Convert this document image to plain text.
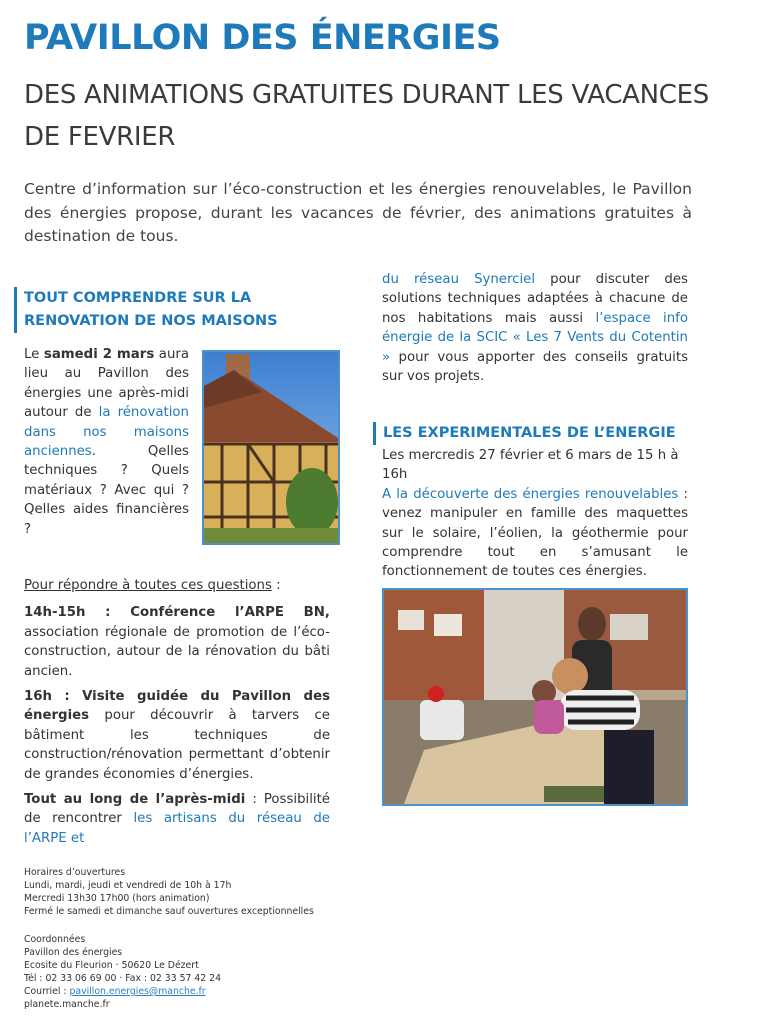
PAVILLON DES ÉNERGIES
DES ANIMATIONS GRATUITES DURANT LES VACANCES DE FEVRIER

Centre d’information sur l’éco-construction et les énergies renouvelables, le Pavillon des énergies propose, durant les vacances de février, des animations gratuites à destination de tous.

TOUT COMPRENDRE SUR LA RENOVATION DE NOS MAISONS

Le samedi 2 mars aura lieu au Pavillon des énergies une après-midi autour de la rénovation dans nos maisons anciennes. Qelles techniques ? Quels matériaux ? Avec qui ? Qelles aides financières ?

Pour répondre à toutes ces questions :

14h-15h : Conférence l’ARPE BN, association régionale de promotion de l’éco-construction, autour de la rénovation du bâti ancien.

16h : Visite guidée du Pavillon des énergies pour découvrir à tarvers ce bâtiment les techniques de construction/rénovation permettant d’obtenir de grandes économies d’énergies.

Tout au long de l’après-midi : Possibilité de rencontrer les artisans du réseau de l’ARPE et

du réseau Synerciel pour discuter des solutions techniques adaptées à chacune de nos habitations mais aussi l’espace info énergie de la SCIC « Les 7 Vents du Cotentin » pour vous apporter des conseils gratuits sur vos projets.

LES EXPERIMENTALES DE L’ENERGIE

Les mercredis 27 février et 6 mars de 15 h à 16h

A la découverte des énergies renouvelables : venez manipuler en famille des maquettes sur le solaire, l’éolien, la géothermie pour comprendre tout en s’amusant le fonctionnement de toutes ces énergies.

Horaires d’ouvertures

Lundi, mardi, jeudi et vendredi de 10h à 17h

Mercredi 13h30 17h00 (hors animation)

Fermé le samedi et dimanche sauf ouvertures exceptionnelles

Coordonnées

Pavillon des énergies

Ecosite du Fleurion · 50620 Le Dézert

Tél : 02 33 06 69 00 · Fax : 02 33 57 42 24

Courriel : pavillon.energies@manche.fr

planete.manche.fr
